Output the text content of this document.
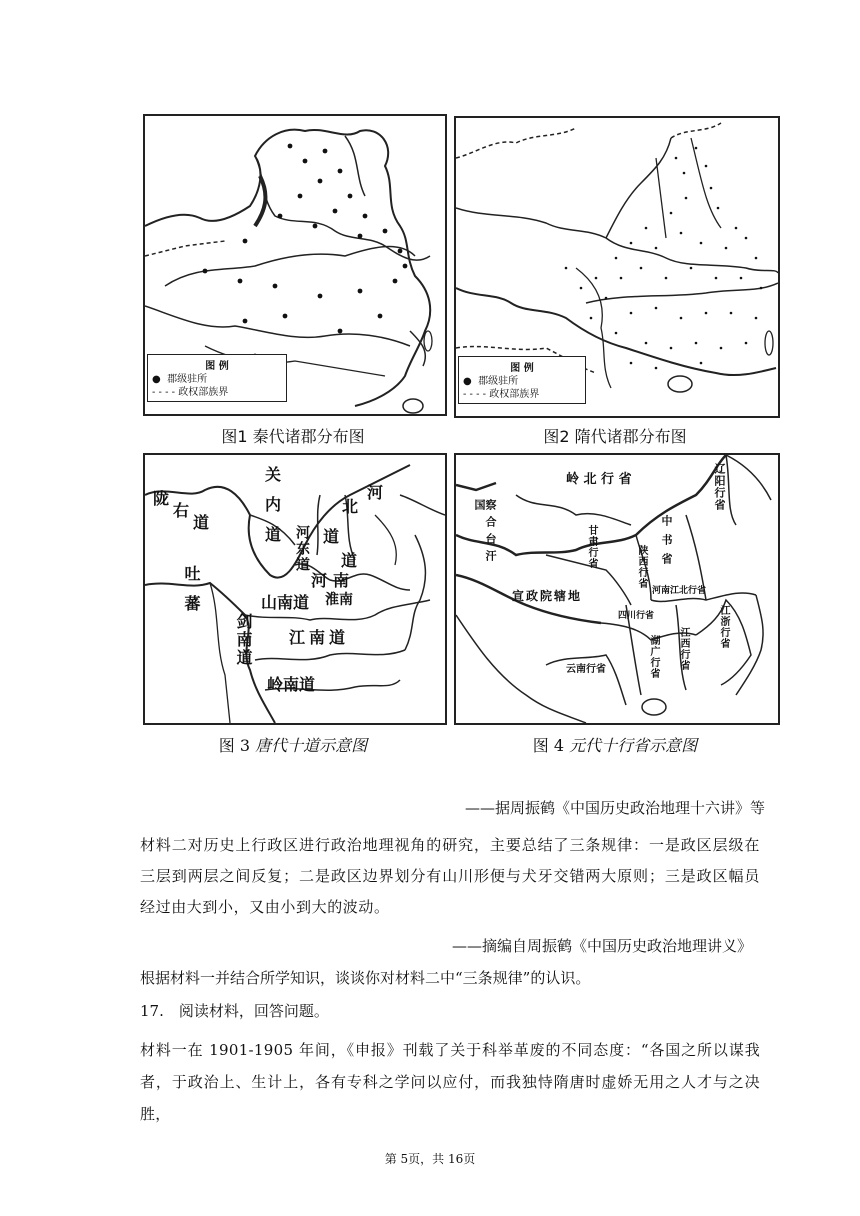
图 例
● 郡级驻所
- - - - 政权部族界
图1 秦代诸郡分布图
图 例
● 郡级驻所
- - - - 政权部族界
图2 隋代诸郡分布图
关
内
道
陇
右
道
吐蕃
河东道
河
北
道
道
河 南
淮南
山南道
剑南道 江南道
岭南道
图 3 唐代十道示意图
岭 北 行 省	辽阳行省
察合台汗国
甘肃行省	中书省
陕西行省
宣政院辖地	河南江北行省
四川行省	江浙行省
江西行省
湖广行省
云南行省
图 4 元代十行省示意图
——据周振鹤《中国历史政治地理十六讲》等
材料二对历史上行政区进行政治地理视角的研究，主要总结了三条规律：一是政区层级在三层到两层之间反复；二是政区边界划分有山川形便与犬牙交错两大原则；三是政区幅员经过由大到小，又由小到大的波动。
——摘编自周振鹤《中国历史政治地理讲义》
根据材料一并结合所学知识，谈谈你对材料二中“三条规律”的认识。
17.　阅读材料，回答问题。
材料一在 1901-1905 年间，《申报》刊载了关于科举革废的不同态度：“各国之所以谋我者，于政治上、生计上，各有专科之学问以应付，而我独恃隋唐时虚娇无用之人才与之决胜，
第 5页，共 16页
